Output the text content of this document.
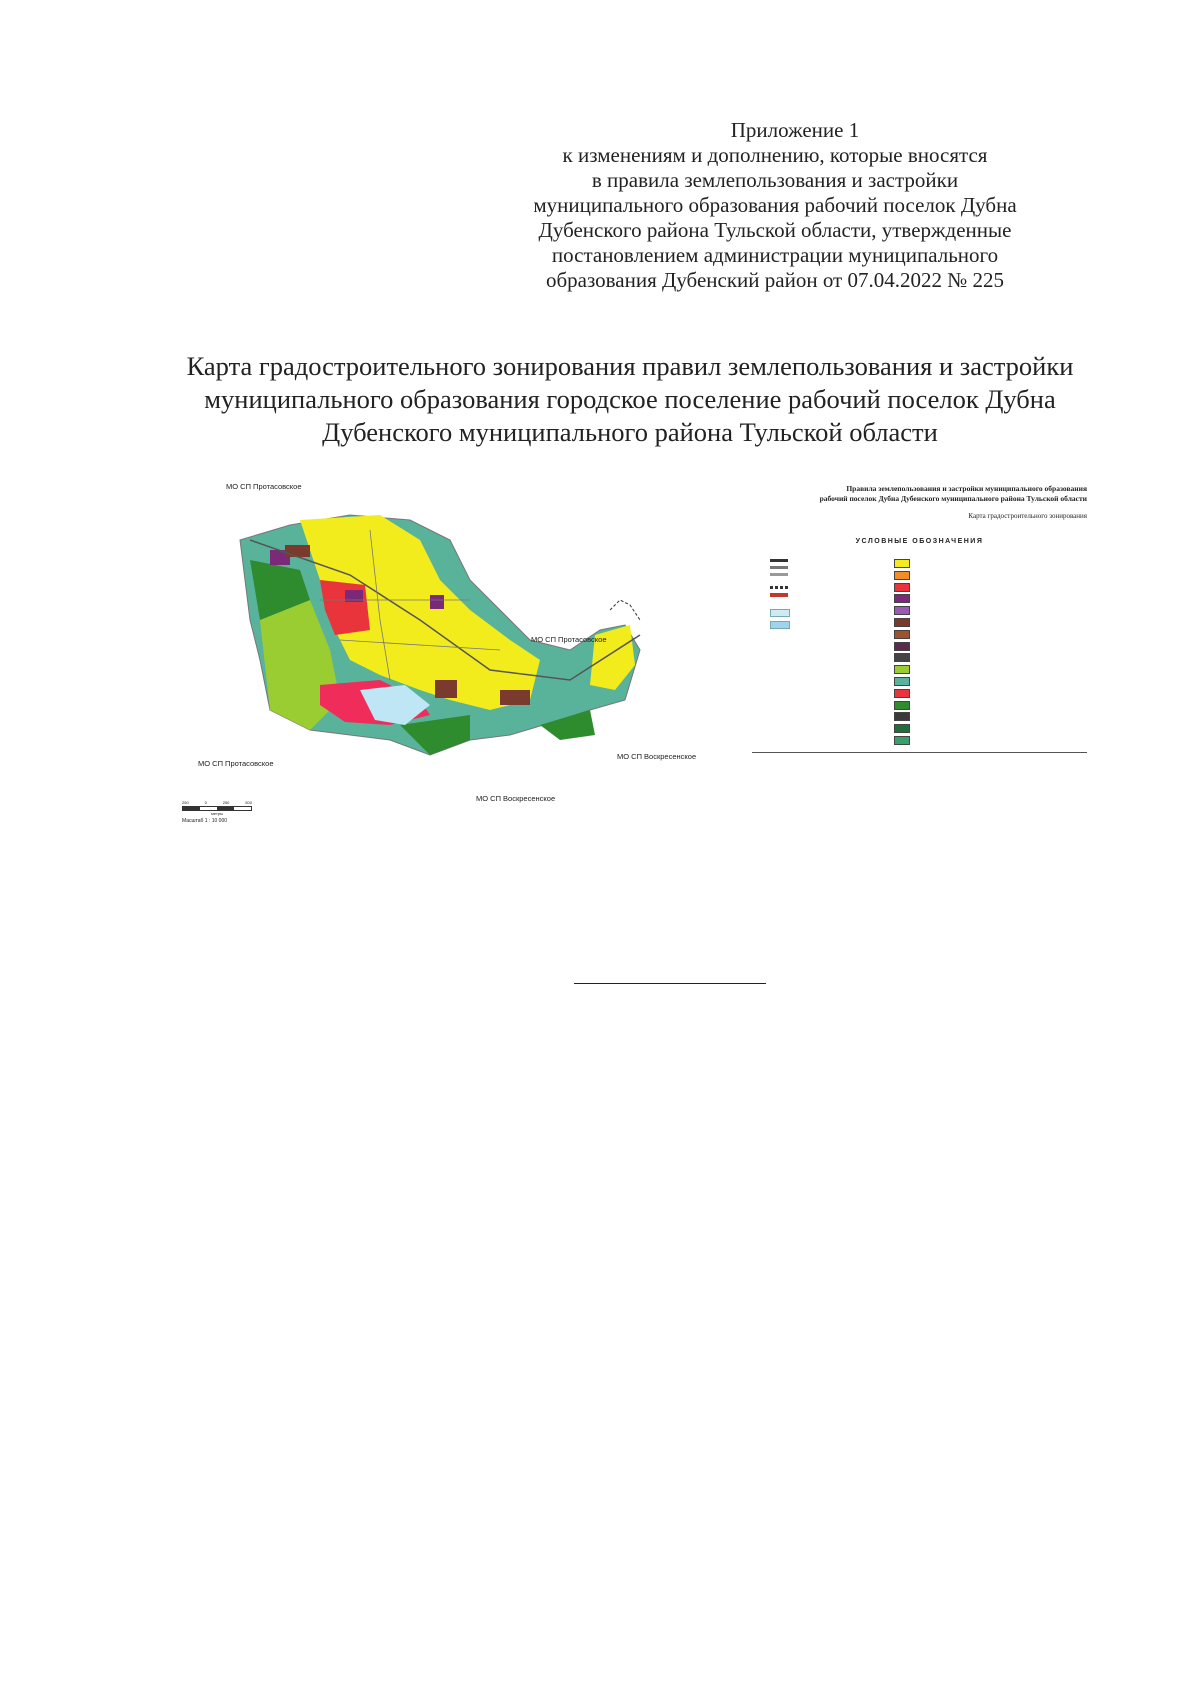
Приложение 1
к изменениям и дополнению, которые вносятся
в правила землепользования и застройки
муниципального образования рабочий поселок Дубна
Дубенского района Тульской области, утвержденные
постановлением администрации муниципального
образования Дубенский район от 07.04.2022 № 225
Карта градостроительного зонирования правил землепользования и застройки
муниципального образования городское поселение рабочий поселок Дубна
Дубенского муниципального района Тульской области
МО СП Протасовское
МО СП Протасовское
МО СП Протасовское
МО СП Воскресенское
МО СП Воскресенское
250	0	250	500
метры
Масштаб 1 : 10 000
Правила землепользования и застройки муниципального образования
рабочий поселок Дубна Дубенского муниципального района Тульской области
Карта градостроительного зонирования
УСЛОВНЫЕ ОБОЗНАЧЕНИЯ
